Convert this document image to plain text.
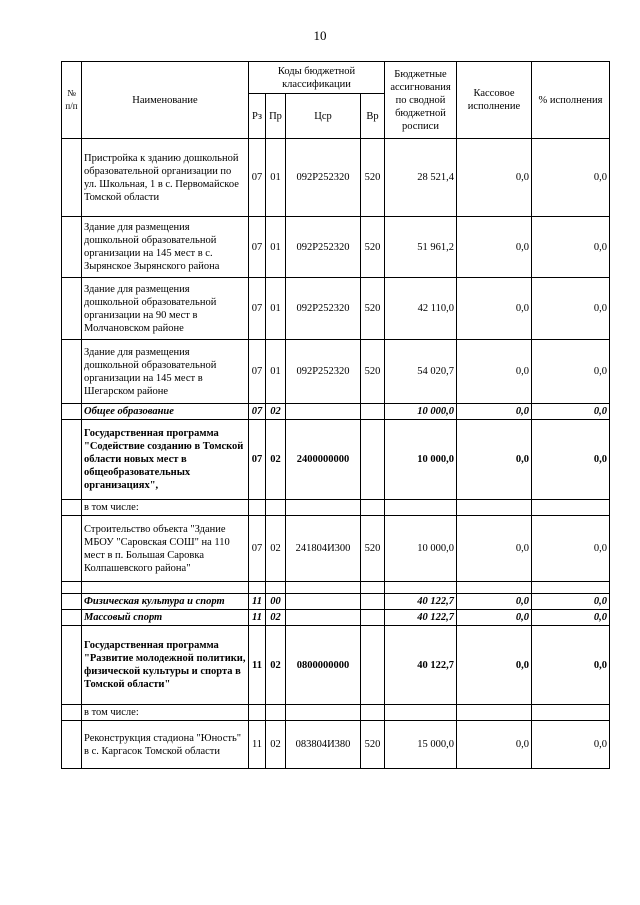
10
№ п/п	Наименование	Коды бюджетной классификации				Бюджетные ассигнования по сводной бюджетной росписи	Кассовое исполнение	% исполнения
		Рз	Пр	Цср	Вр			
	Пристройка к зданию дошкольной образовательной организации по ул. Школьная, 1 в с. Первомайское Томской области	07	01	092P252320	520	28 521,4	0,0	0,0
	Здание для размещения дошкольной образовательной организации на 145 мест в с. Зырянское Зырянского района	07	01	092P252320	520	51 961,2	0,0	0,0
	Здание для размещения дошкольной образовательной организации на 90 мест в Молчановском районе	07	01	092P252320	520	42 110,0	0,0	0,0
	Здание для размещения дошкольной образовательной организации на 145 мест в Шегарском районе	07	01	092P252320	520	54 020,7	0,0	0,0
	Общее образование	07	02			10 000,0	0,0	0,0
	Государственная программа "Содействие созданию в Томской области новых мест в общеобразовательных организациях",	07	02	2400000000		10 000,0	0,0	0,0
	в том числе:							
	Строительство объекта "Здание МБОУ "Саровская СОШ" на 110 мест в п. Большая Саровка Колпашевского района"	07	02	241804И300	520	10 000,0	0,0	0,0

	Физическая культура и спорт	11	00			40 122,7	0,0	0,0
	Массовый спорт	11	02			40 122,7	0,0	0,0
	Государственная программа "Развитие молодежной политики, физической культуры и спорта в Томской области"	11	02	0800000000		40 122,7	0,0	0,0
	в том числе:							
	Реконструкция стадиона "Юность" в с. Каргасок Томской области	11	02	083804И380	520	15 000,0	0,0	0,0
